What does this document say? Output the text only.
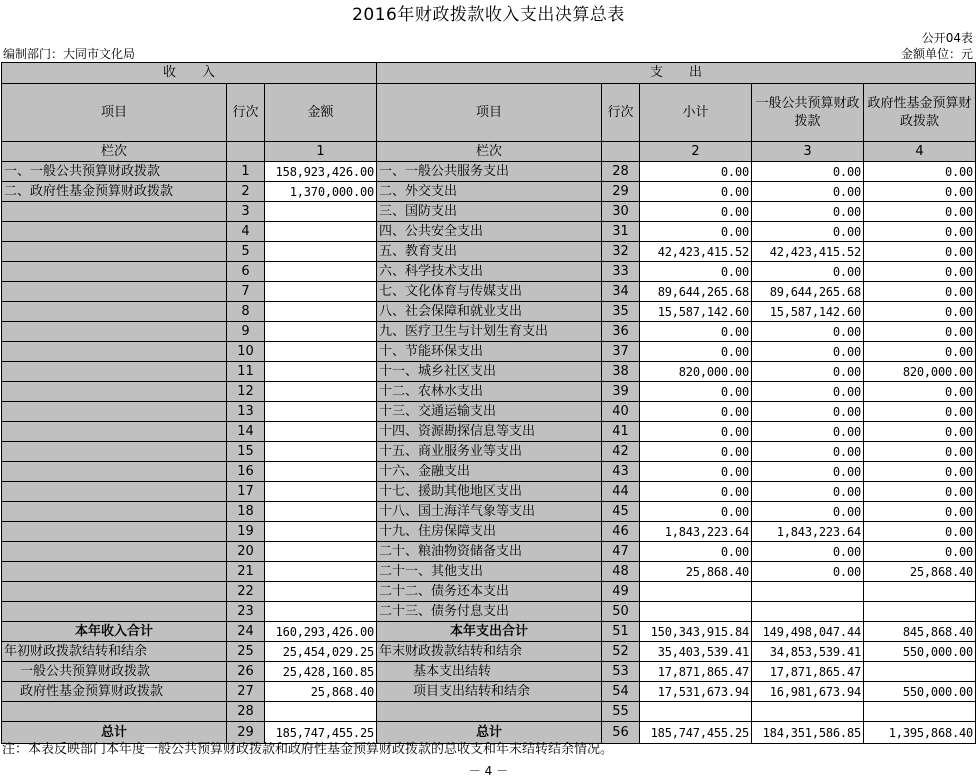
2016年财政拨款收入支出决算总表
公开04表
编制部门：大同市文化局	金额单位：元
收　　入			支　　出				
项目	行次	金额	项目	行次	小计	一般公共预算财政拨款	政府性基金预算财政拨款
栏次		1	栏次		2	3	4
一、一般公共预算财政拨款	1	158,923,426.00	一、一般公共服务支出	28	0.00	0.00	0.00
二、政府性基金预算财政拨款	2	1,370,000.00	二、外交支出	29	0.00	0.00	0.00
	3		三、国防支出	30	0.00	0.00	0.00
	4		四、公共安全支出	31	0.00	0.00	0.00
	5		五、教育支出	32	42,423,415.52	42,423,415.52	0.00
	6		六、科学技术支出	33	0.00	0.00	0.00
	7		七、文化体育与传媒支出	34	89,644,265.68	89,644,265.68	0.00
	8		八、社会保障和就业支出	35	15,587,142.60	15,587,142.60	0.00
	9		九、医疗卫生与计划生育支出	36	0.00	0.00	0.00
	10		十、节能环保支出	37	0.00	0.00	0.00
	11		十一、城乡社区支出	38	820,000.00	0.00	820,000.00
	12		十二、农林水支出	39	0.00	0.00	0.00
	13		十三、交通运输支出	40	0.00	0.00	0.00
	14		十四、资源勘探信息等支出	41	0.00	0.00	0.00
	15		十五、商业服务业等支出	42	0.00	0.00	0.00
	16		十六、金融支出	43	0.00	0.00	0.00
	17		十七、援助其他地区支出	44	0.00	0.00	0.00
	18		十八、国土海洋气象等支出	45	0.00	0.00	0.00
	19		十九、住房保障支出	46	1,843,223.64	1,843,223.64	0.00
	20		二十、粮油物资储备支出	47	0.00	0.00	0.00
	21		二十一、其他支出	48	25,868.40	0.00	25,868.40
	22		二十二、债务还本支出	49			
	23		二十三、债务付息支出	50			
本年收入合计	24	160,293,426.00	本年支出合计	51	150,343,915.84	149,498,047.44	845,868.40
年初财政拨款结转和结余	25	25,454,029.25	年末财政拨款结转和结余	52	35,403,539.41	34,853,539.41	550,000.00
一般公共预算财政拨款	26	25,428,160.85	基本支出结转	53	17,871,865.47	17,871,865.47	
政府性基金预算财政拨款	27	25,868.40	项目支出结转和结余	54	17,531,673.94	16,981,673.94	550,000.00
	28			55			
总计	29	185,747,455.25	总计	56	185,747,455.25	184,351,586.85	1,395,868.40
注：本表反映部门本年度一般公共预算财政拨款和政府性基金预算财政拨款的总收支和年末结转结余情况。
－ 4 －
